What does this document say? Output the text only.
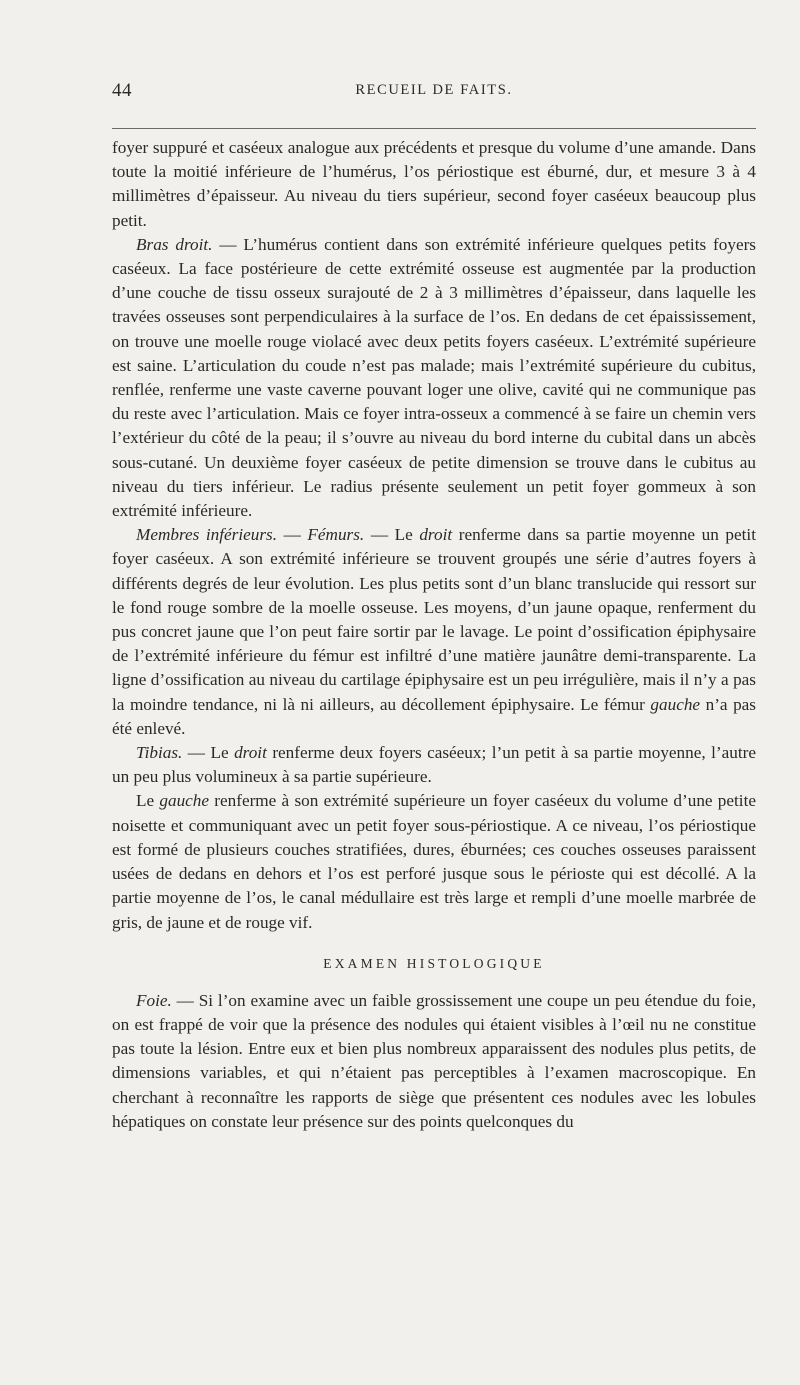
44	RECUEIL DE FAITS.

foyer suppuré et caséeux analogue aux précédents et presque du volume d’une amande. Dans toute la moitié inférieure de l’humérus, l’os périostique est éburné, dur, et mesure 3 à 4 millimètres d’épaisseur. Au niveau du tiers supérieur, second foyer caséeux beaucoup plus petit.

Bras droit. — L’humérus contient dans son extrémité inférieure quelques petits foyers caséeux. La face postérieure de cette extrémité osseuse est augmentée par la production d’une couche de tissu osseux surajouté de 2 à 3 millimètres d’épaisseur, dans laquelle les travées osseuses sont perpendiculaires à la surface de l’os. En dedans de cet épaississement, on trouve une moelle rouge violacé avec deux petits foyers caséeux. L’extrémité supérieure est saine. L’articulation du coude n’est pas malade; mais l’extrémité supérieure du cubitus, renflée, renferme une vaste caverne pouvant loger une olive, cavité qui ne communique pas du reste avec l’articulation. Mais ce foyer intra-osseux a commencé à se faire un chemin vers l’extérieur du côté de la peau; il s’ouvre au niveau du bord interne du cubital dans un abcès sous-cutané. Un deuxième foyer caséeux de petite dimension se trouve dans le cubitus au niveau du tiers inférieur. Le radius présente seulement un petit foyer gommeux à son extrémité inférieure.

Membres inférieurs. — Fémurs. — Le droit renferme dans sa partie moyenne un petit foyer caséeux. A son extrémité inférieure se trouvent groupés une série d’autres foyers à différents degrés de leur évolution. Les plus petits sont d’un blanc translucide qui ressort sur le fond rouge sombre de la moelle osseuse. Les moyens, d’un jaune opaque, renferment du pus concret jaune que l’on peut faire sortir par le lavage. Le point d’ossification épiphysaire de l’extrémité inférieure du fémur est infiltré d’une matière jaunâtre demi-transparente. La ligne d’ossification au niveau du cartilage épiphysaire est un peu irrégulière, mais il n’y a pas la moindre tendance, ni là ni ailleurs, au décollement épiphysaire. Le fémur gauche n’a pas été enlevé.

Tibias. — Le droit renferme deux foyers caséeux; l’un petit à sa partie moyenne, l’autre un peu plus volumineux à sa partie supérieure.

Le gauche renferme à son extrémité supérieure un foyer caséeux du volume d’une petite noisette et communiquant avec un petit foyer sous-périostique. A ce niveau, l’os périostique est formé de plusieurs couches stratifiées, dures, éburnées; ces couches osseuses paraissent usées de dedans en dehors et l’os est perforé jusque sous le périoste qui est décollé. A la partie moyenne de l’os, le canal médullaire est très large et rempli d’une moelle marbrée de gris, de jaune et de rouge vif.

EXAMEN HISTOLOGIQUE

Foie. — Si l’on examine avec un faible grossissement une coupe un peu étendue du foie, on est frappé de voir que la présence des nodules qui étaient visibles à l’œil nu ne constitue pas toute la lésion. Entre eux et bien plus nombreux apparaissent des nodules plus petits, de dimensions variables, et qui n’étaient pas perceptibles à l’examen macroscopique. En cherchant à reconnaître les rapports de siège que présentent ces nodules avec les lobules hépatiques on constate leur présence sur des points quelconques du
